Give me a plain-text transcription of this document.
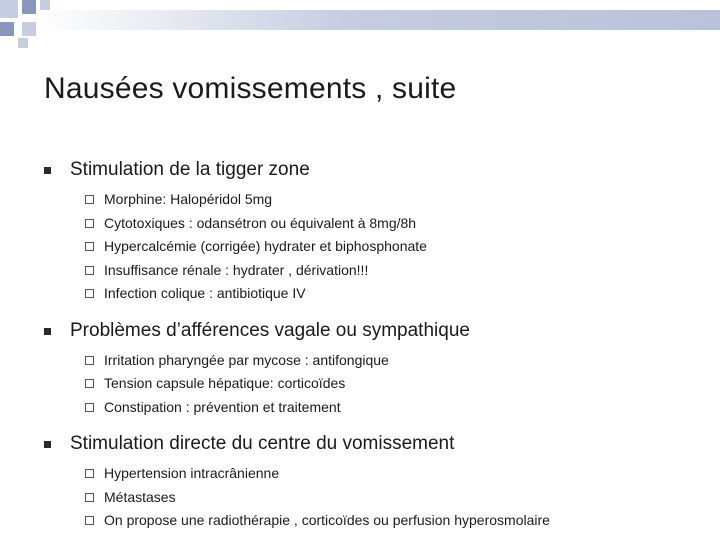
Nausées vomissements , suite
Stimulation de la tigger zone
Morphine: Halopéridol 5mg
Cytotoxiques : odansétron ou équivalent à 8mg/8h
Hypercalcémie (corrigée) hydrater et biphosphonate
Insuffisance rénale : hydrater , dérivation!!!
Infection colique : antibiotique IV
Problèmes d’afférences vagale ou sympathique
Irritation pharyngée par mycose : antifongique
Tension capsule hépatique: corticoïdes
Constipation : prévention et traitement
Stimulation directe du centre du vomissement
Hypertension intracrânienne
Métastases
On propose une radiothérapie , corticoïdes ou perfusion hyperosmolaire
